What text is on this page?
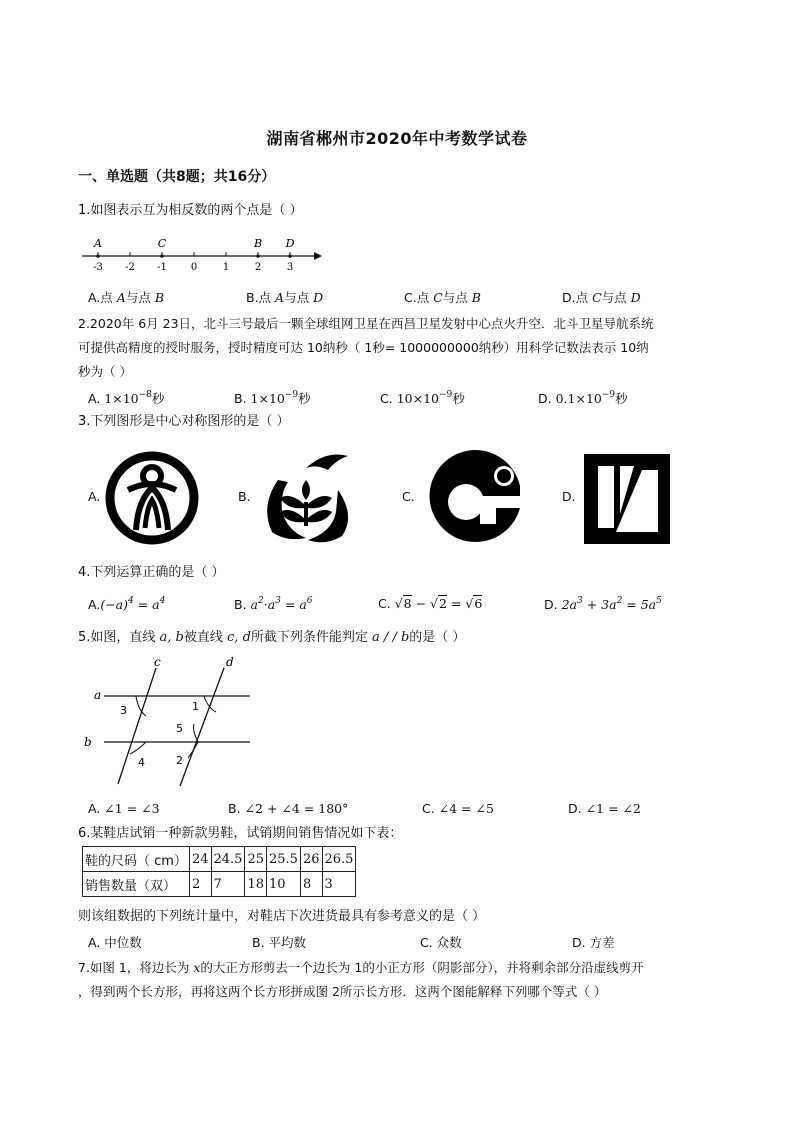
湖南省郴州市2020年中考数学试卷
一、单选题（共8题；共16分）
1.如图表示互为相反数的两个点是（ ）
-3 -2 -1 0	1	2	3
A	C	B D
A.点 A与点 B	B.点 A与点 D	C.点 C与点 B	D.点 C与点 D
2.2020年 6月 23日，北斗三号最后一颗全球组网卫星在西昌卫星发射中心点火升空．北斗卫星导航系统
可提供高精度的授时服务，授时精度可达 10纳秒（ 1秒= 1000000000纳秒）用科学记数法表示 10纳
秒为（ ）
A. $1\times 10^{-8}$秒	B. $1\times 10^{-9}$秒	C. $10\times 10^{-9}$秒	D. $0.1\times 10^{-9}$秒
3.下列图形是中心对称图形的是（ ）
A.	B.	C.	D.
4.下列运算正确的是（ ）
$A.(-a)^4 = a^4$	B. $a^2\cdot a^3 = a^6$	C. √8 − √2 = √6	D. $2a^3 + 3a^2 = 5a^5$
5.如图，直线 a, b被直线 c, d所截下列条件能判定 a / / b的是（ ）
c	d
a
b
3	1
5
2
4
A. ∠1 = ∠3	B. ∠2 + ∠4 = 180°	C. ∠4 = ∠5	D. ∠1 = ∠2
6.某鞋店试销一种新款男鞋，试销期间销售情况如下表：
鞋的尺码（ cm）	24	24.5	25	25.5	26	26.5
销售数量（双）	2	7	18	10	8	3
则该组数据的下列统计量中，对鞋店下次进货最具有参考意义的是（ ）
A. 中位数	B. 平均数	C. 众数	D. 方差
7.如图 1，将边长为 x的大正方形剪去一个边长为 1的小正方形（阴影部分），并将剩余部分沿虚线剪开
，得到两个长方形，再将这两个长方形拼成图 2所示长方形．这两个图能解释下列哪个等式（ ）
